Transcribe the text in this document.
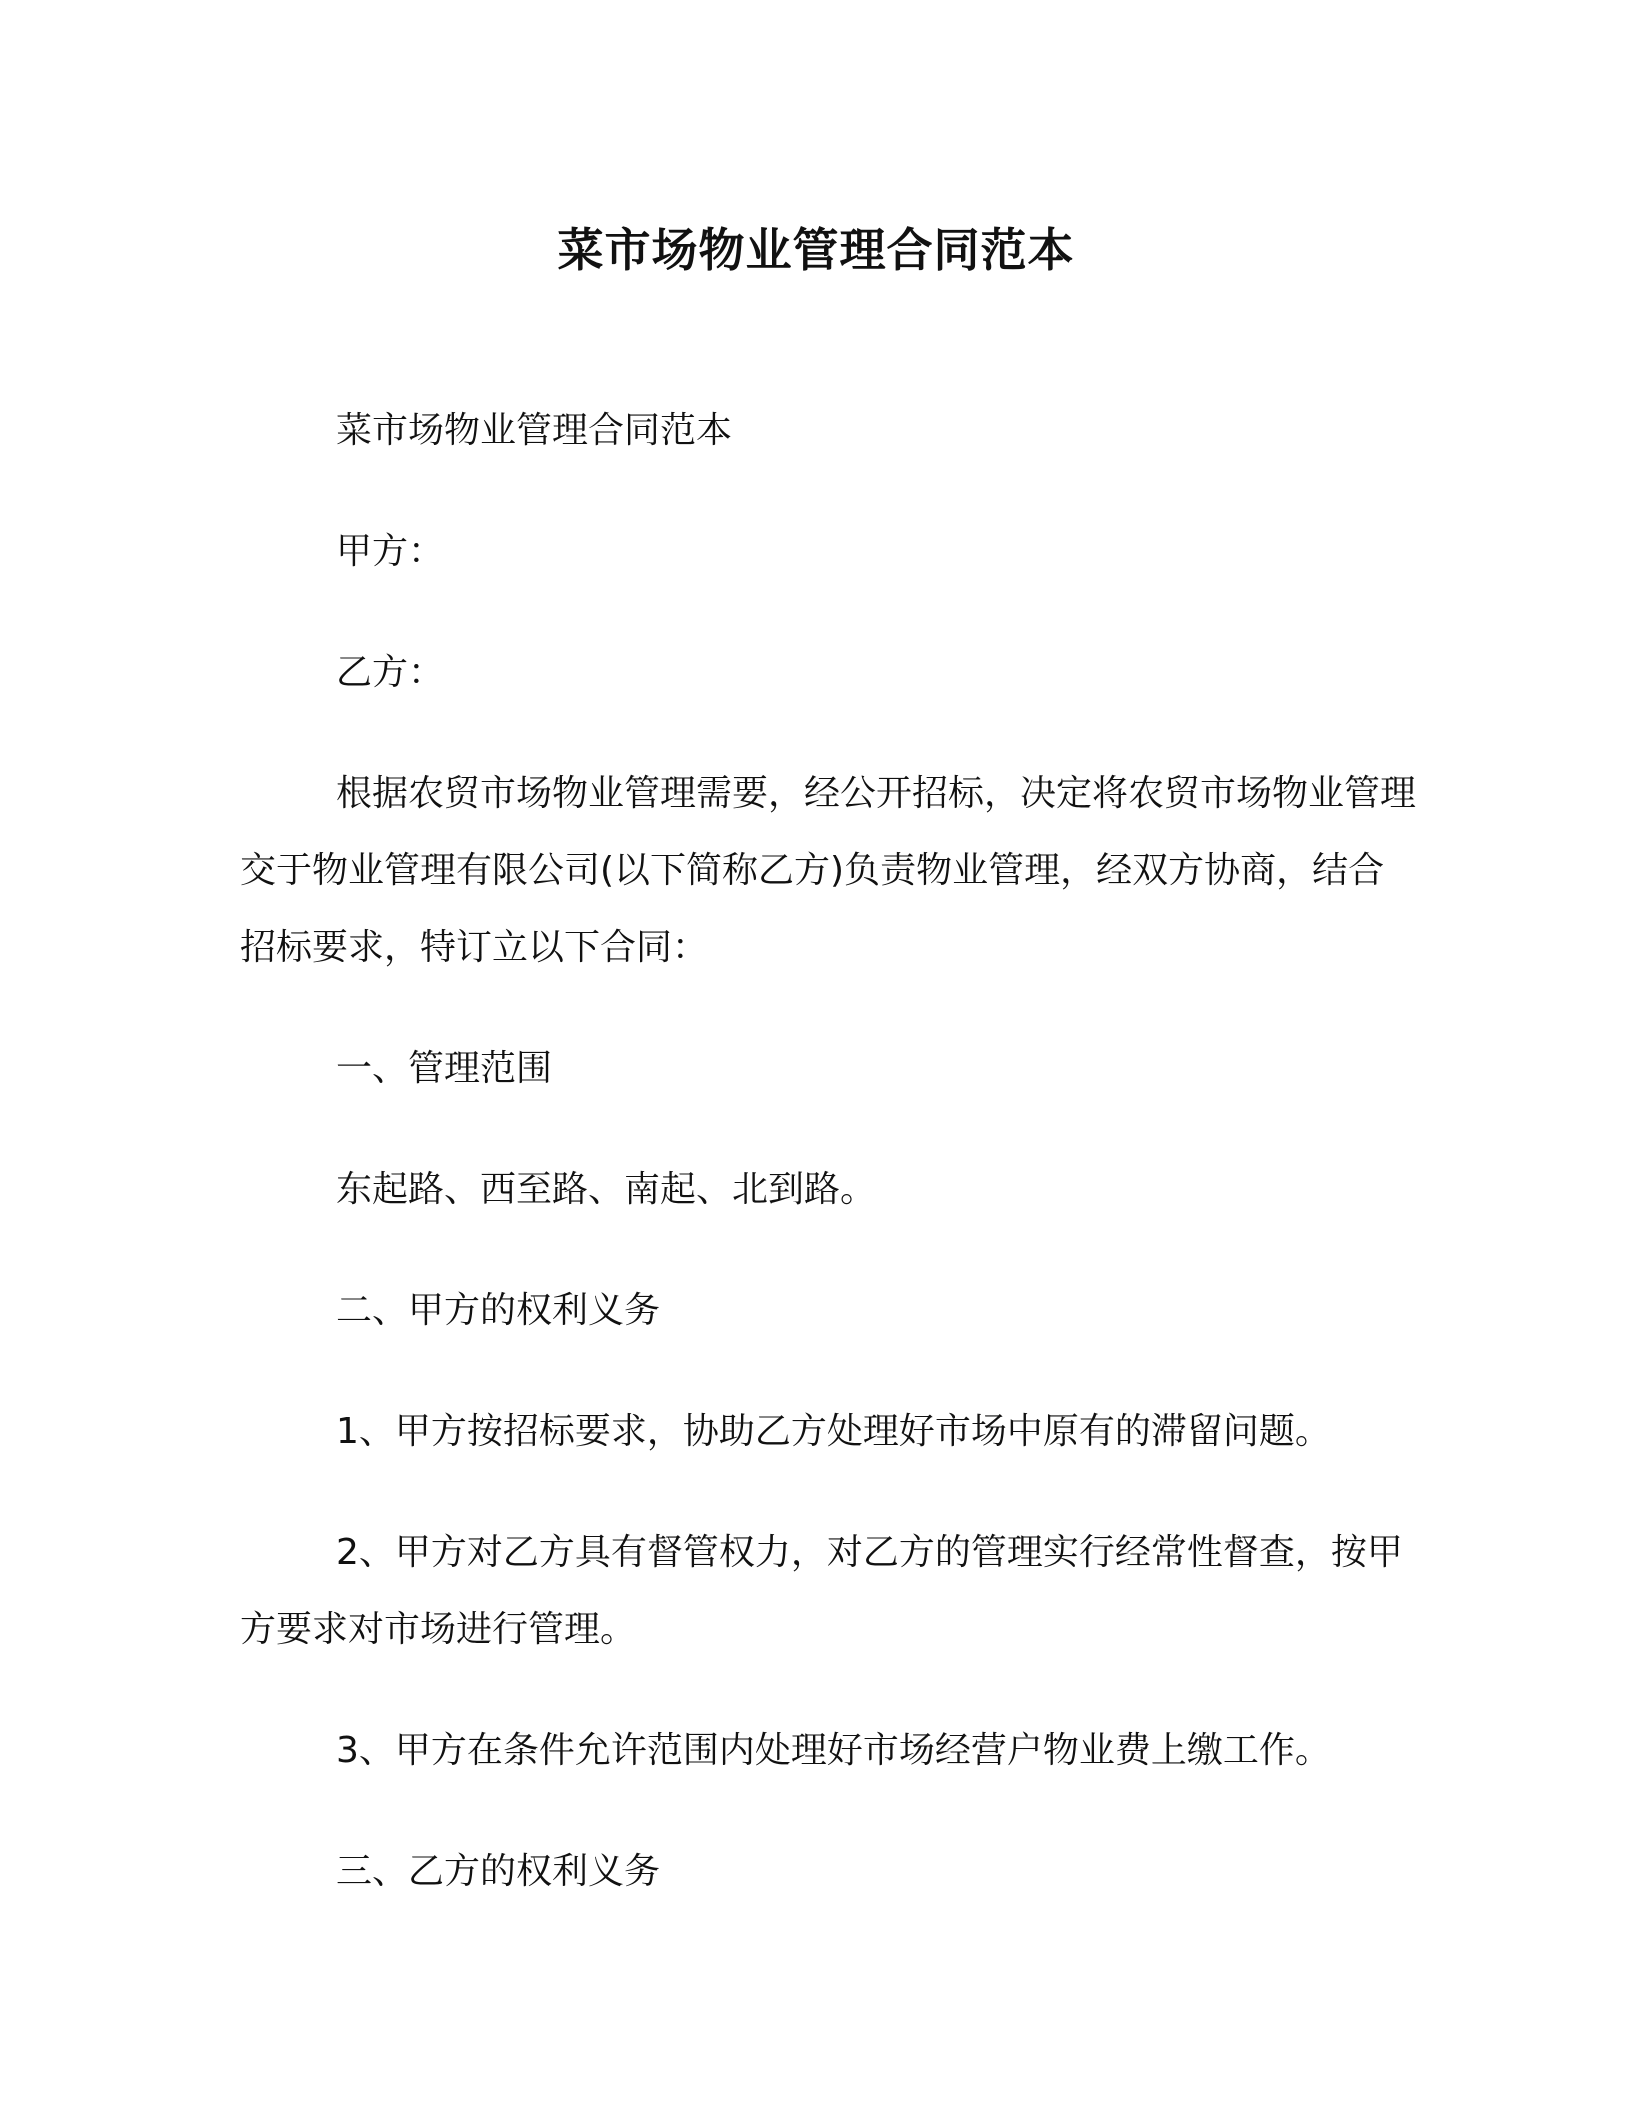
菜市场物业管理合同范本

菜市场物业管理合同范本

甲方：

乙方：

根据农贸市场物业管理需要，经公开招标，决定将农贸市场物业管理交于物业管理有限公司(以下简称乙方)负责物业管理，经双方协商，结合招标要求，特订立以下合同：

一、管理范围

东起路、西至路、南起、北到路。

二、甲方的权利义务

1、甲方按招标要求，协助乙方处理好市场中原有的滞留问题。

2、甲方对乙方具有督管权力，对乙方的管理实行经常性督查，按甲方要求对市场进行管理。

3、甲方在条件允许范围内处理好市场经营户物业费上缴工作。

三、乙方的权利义务
